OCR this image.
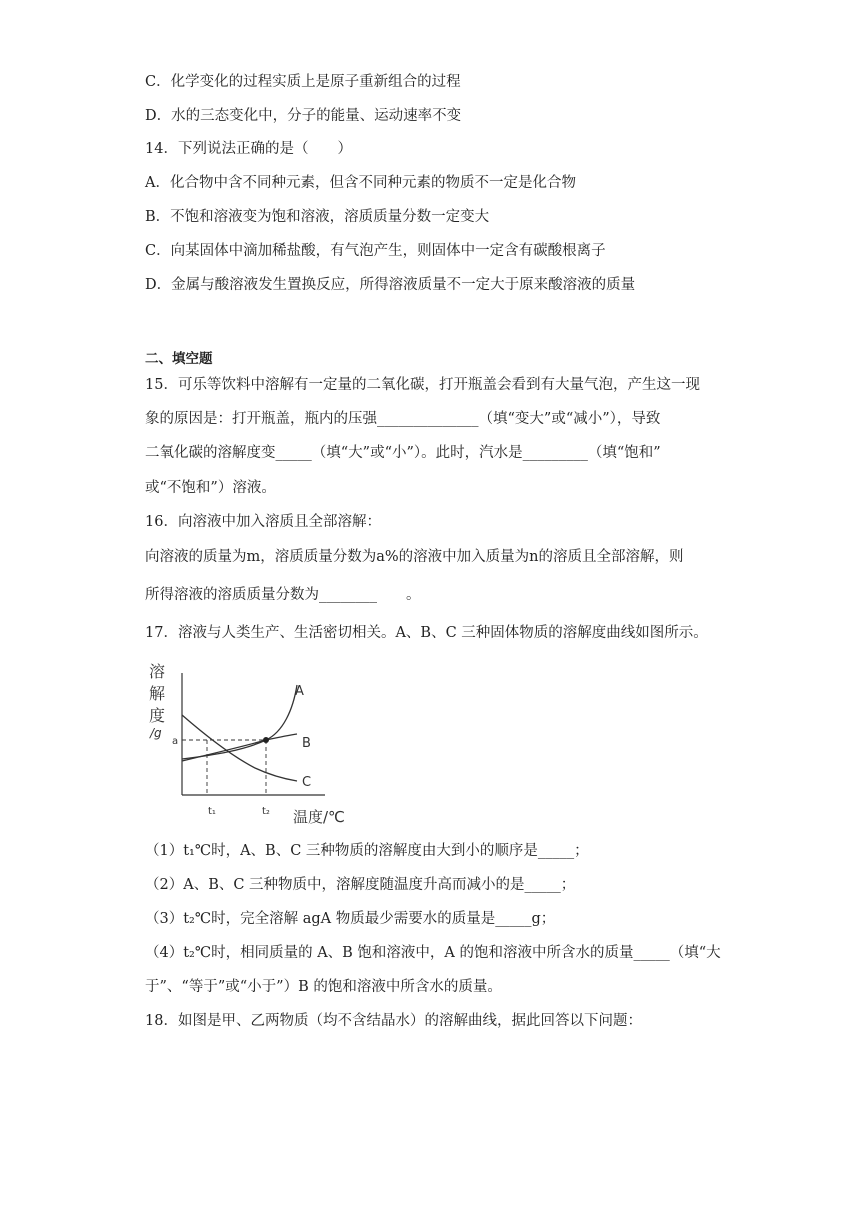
C．化学变化的过程实质上是原子重新组合的过程
D．水的三态变化中，分子的能量、运动速率不变
14．下列说法正确的是（　　）
A．化合物中含不同种元素，但含不同种元素的物质不一定是化合物
B．不饱和溶液变为饱和溶液，溶质质量分数一定变大
C．向某固体中滴加稀盐酸，有气泡产生，则固体中一定含有碳酸根离子
D．金属与酸溶液发生置换反应，所得溶液质量不一定大于原来酸溶液的质量
二、填空题
15．可乐等饮料中溶解有一定量的二氧化碳，打开瓶盖会看到有大量气泡，产生这一现
象的原因是：打开瓶盖，瓶内的压强______________（填“变大”或“减小”），导致
二氧化碳的溶解度变_____（填“大”或“小”）。此时，汽水是_________（填“饱和”
或“不饱和”）溶液。
16．向溶液中加入溶质且全部溶解：
向溶液的质量为m，溶质质量分数为a%的溶液中加入质量为n的溶质且全部溶解，则
所得溶液的溶质质量分数为________　　。
17．溶液与人类生产、生活密切相关。A、B、C 三种固体物质的溶解度曲线如图所示。
溶
解
度
/g
a
A
B
C
t₁	t₂ 温度/℃
（1）t₁℃时，A、B、C 三种物质的溶解度由大到小的顺序是_____；
（2）A、B、C 三种物质中，溶解度随温度升高而减小的是_____；
（3）t₂℃时，完全溶解 agA 物质最少需要水的质量是_____g；
（4）t₂℃时，相同质量的 A、B 饱和溶液中，A 的饱和溶液中所含水的质量_____（填“大
于”、“等于”或“小于”）B 的饱和溶液中所含水的质量。
18．如图是甲、乙两物质（均不含结晶水）的溶解曲线，据此回答以下问题：
